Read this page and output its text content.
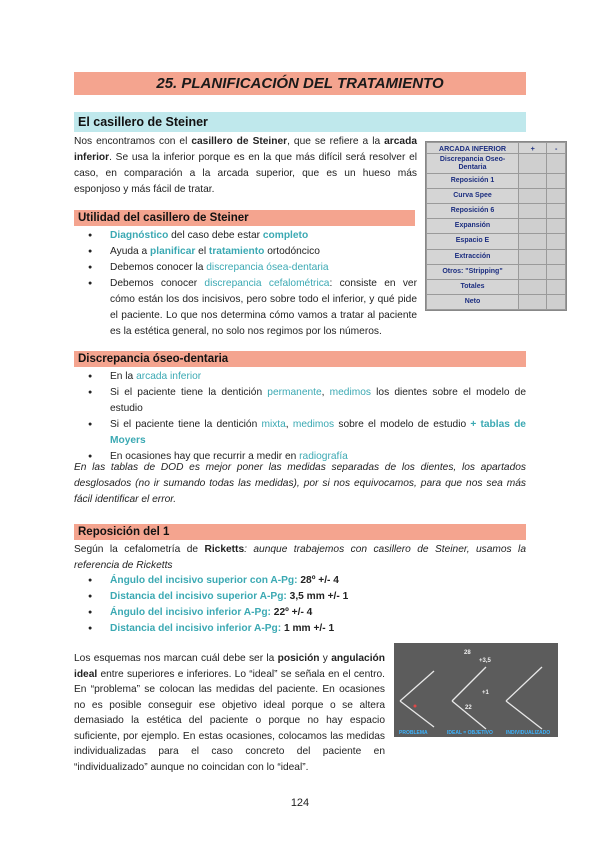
25. PLANIFICACIÓN DEL TRATAMIENTO
El casillero de Steiner
Nos encontramos con el casillero de Steiner, que se refiere a la arcada inferior. Se usa la inferior porque es en la que más difícil será resolver el caso, en comparación a la arcada superior, que es un hueso más esponjoso y más fácil de tratar.
ARCADA INFERIOR	+	-
Discrepancia Oseo-Dentaria		
Reposición 1		
Curva Spee		
Reposición 6		
Expansión		
Espacio E		
Extracción		
Otros: "Stripping"		
Totales		
Neto		
Utilidad del casillero de Steiner
● Diagnóstico del caso debe estar completo
● Ayuda a planificar el tratamiento ortodóncico
● Debemos conocer la discrepancia ósea-dentaria
● Debemos conocer discrepancia cefalométrica: consiste en ver cómo están los dos incisivos, pero sobre todo el inferior, y qué pide el paciente. Lo que nos determina cómo vamos a tratar al paciente es la estética general, no solo nos regimos por los números.
Discrepancia óseo-dentaria
● En la arcada inferior
● Si el paciente tiene la dentición permanente, medimos los dientes sobre el modelo de estudio
● Si el paciente tiene la dentición mixta, medimos sobre el modelo de estudio + tablas de Moyers
● En ocasiones hay que recurrir a medir en radiografía
En las tablas de DOD es mejor poner las medidas separadas de los dientes, los apartados desglosados (no ir sumando todas las medidas), por si nos equivocamos, para que nos sea más fácil identificar el error.
Reposición del 1
Según la cefalometría de Ricketts: aunque trabajemos con casillero de Steiner, usamos la referencia de Ricketts
● Ángulo del incisivo superior con A-Pg: 28º +/- 4
● Distancia del incisivo superior A-Pg: 3,5 mm +/- 1
● Ángulo del incisivo inferior A-Pg: 22º +/- 4
● Distancia del incisivo inferior A-Pg: 1 mm +/- 1
Los esquemas nos marcan cuál debe ser la posición y angulación ideal entre superiores e inferiores. Lo “ideal” se señala en el centro. En “problema” se colocan las medidas del paciente. En ocasiones no es posible conseguir ese objetivo ideal porque o se altera demasiado la estética del paciente o porque no hay espacio suficiente, por ejemplo. En estas ocasiones, colocamos las medidas individualizadas para el caso concreto del paciente en “individualizado” aunque no coincidan con lo “ideal”.
28
+3,5
+1
22
PROBLEMA	IDEAL = OBJETIVO	INDIVIDUALIZADO
124
